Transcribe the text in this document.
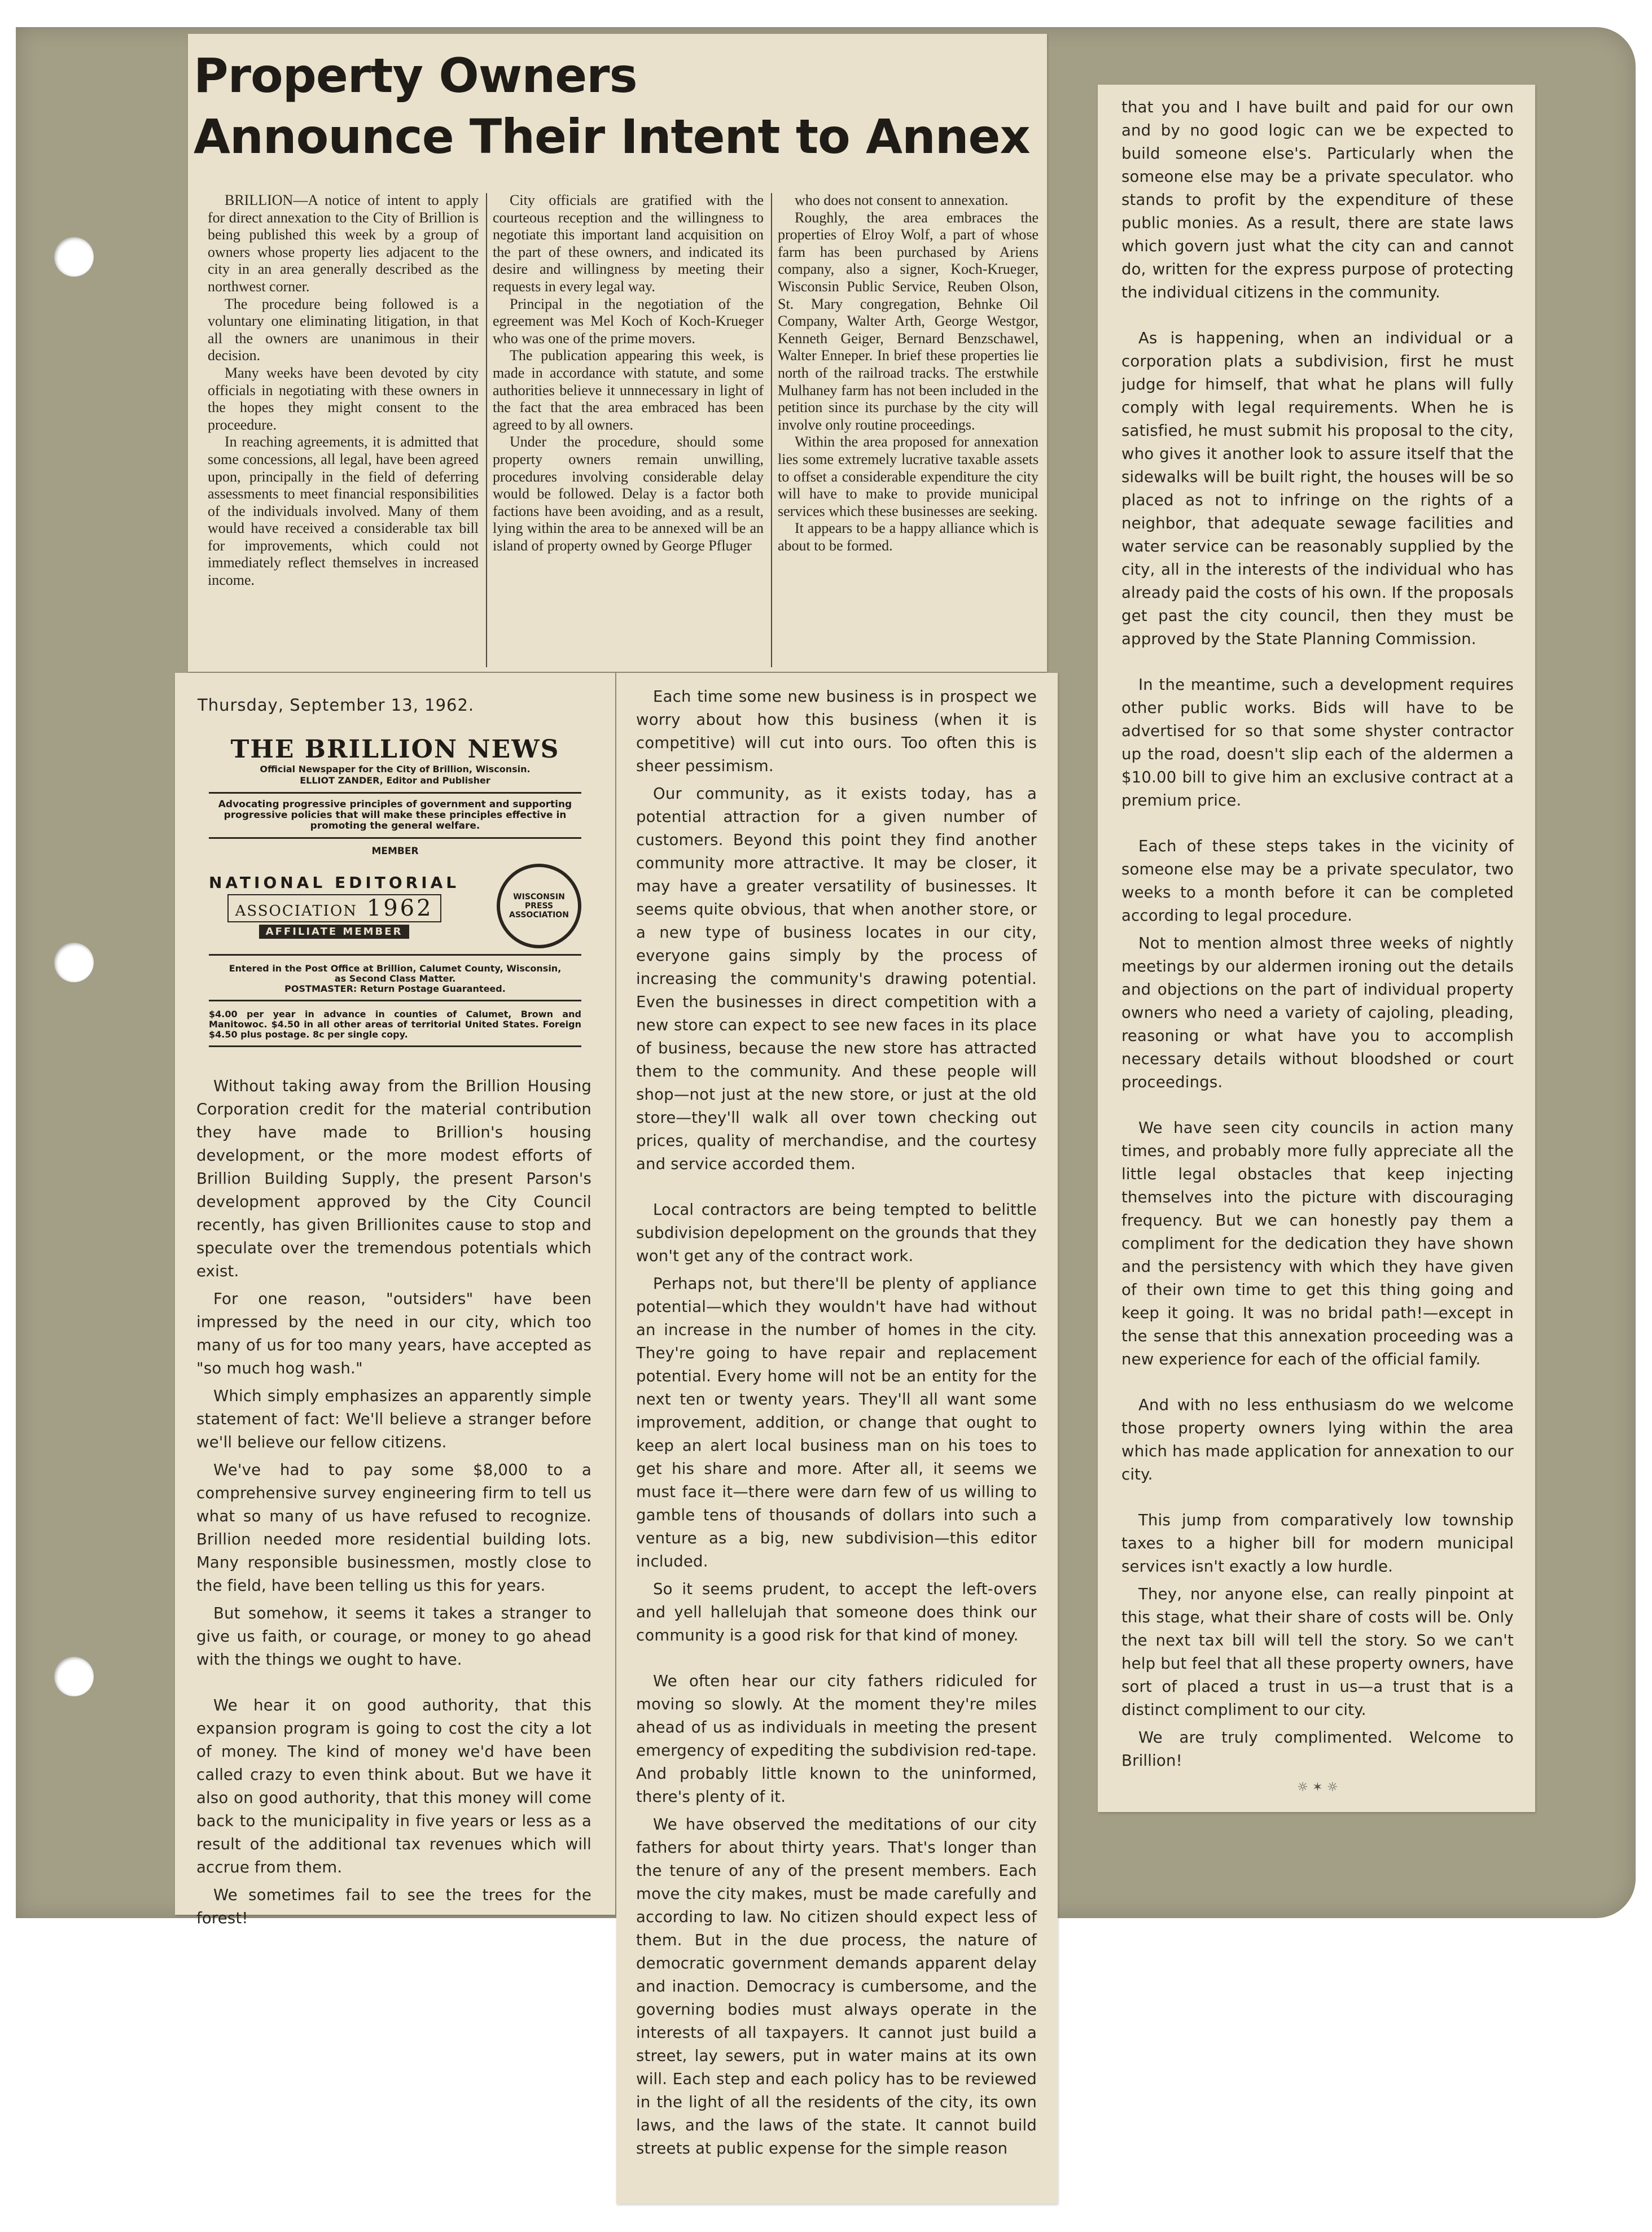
Property Owners
Announce Their Intent to Annex

BRILLION—A notice of intent to apply for direct annexation to the City of Brillion is being published this week by a group of owners whose property lies adjacent to the city in an area generally described as the northwest corner.

The procedure being followed is a voluntary one eliminating litigation, in that all the owners are unanimous in their decision.

Many weeks have been devoted by city officials in negotiating with these owners in the hopes they might consent to the proceedure.

In reaching agreements, it is admitted that some concessions, all legal, have been agreed upon, principally in the field of deferring assessments to meet financial responsibilities of the individuals involved. Many of them would have received a considerable tax bill for improvements, which could not immediately reflect themselves in increased income.

City officials are gratified with the courteous reception and the willingness to negotiate this important land acquisition on the part of these owners, and indicated its desire and willingness by meeting their requests in every legal way.

Principal in the negotiation of the egreement was Mel Koch of Koch-Krueger who was one of the prime movers.

The publication appearing this week, is made in accordance with statute, and some authorities believe it unnnecessary in light of the fact that the area embraced has been agreed to by all owners.

Under the procedure, should some property owners remain unwilling, procedures involving considerable delay would be followed. Delay is a factor both factions have been avoiding, and as a result, lying within the area to be annexed will be an island of property owned by George Pfluger

who does not consent to annexation.

Roughly, the area embraces the properties of Elroy Wolf, a part of whose farm has been purchased by Ariens company, also a signer, Koch-Krueger, Wisconsin Public Service, Reuben Olson, St. Mary congregation, Behnke Oil Company, Walter Arth, George Westgor, Kenneth Geiger, Bernard Benzschawel, Walter Enneper. In brief these properties lie north of the railroad tracks. The erstwhile Mulhaney farm has not been included in the petition since its purchase by the city will involve only routine proceedings.

Within the area proposed for annexation lies some extremely lucrative taxable assets to offset a considerable expenditure the city will have to make to provide municipal services which these businesses are seeking.

It appears to be a happy alliance which is about to be formed.

Thursday, September 13, 1962.
THE BRILLION NEWS
Official Newspaper for the City of Brillion, Wisconsin.
ELLIOT ZANDER, Editor and Publisher
Advocating progressive principles of government and supporting progressive policies that will make these principles effective in promoting the general welfare.
MEMBER
NATIONAL EDITORIAL
ASSOCIATION 1962
AFFILIATE MEMBER
WISCONSIN PRESS ASSOCIATION
Entered in the Post Office at Brillion, Calumet County, Wisconsin,
as Second Class Matter.
POSTMASTER: Return Postage Guaranteed.
$4.00 per year in advance in counties of Calumet, Brown and Manitowoc. $4.50 in all other areas of territorial United States. Foreign $4.50 plus postage. 8c per single copy.

Without taking away from the Brillion Housing Corporation credit for the material contribution they have made to Brillion's housing development, or the more modest efforts of Brillion Building Supply, the present Parson's development approved by the City Council recently, has given Brillionites cause to stop and speculate over the tremendous potentials which exist.

For one reason, "outsiders" have been impressed by the need in our city, which too many of us for too many years, have accepted as "so much hog wash."

Which simply emphasizes an apparently simple statement of fact: We'll believe a stranger before we'll believe our fellow citizens.

We've had to pay some $8,000 to a comprehensive survey engineering firm to tell us what so many of us have refused to recognize. Brillion needed more residential building lots. Many responsible businessmen, mostly close to the field, have been telling us this for years.

But somehow, it seems it takes a stranger to give us faith, or courage, or money to go ahead with the things we ought to have.

We hear it on good authority, that this expansion program is going to cost the city a lot of money. The kind of money we'd have been called crazy to even think about. But we have it also on good authority, that this money will come back to the municipality in five years or less as a result of the additional tax revenues which will accrue from them.

We sometimes fail to see the trees for the forest!

Each time some new business is in prospect we worry about how this business (when it is competitive) will cut into ours. Too often this is sheer pessimism.

Our community, as it exists today, has a potential attraction for a given number of customers. Beyond this point they find another community more attractive. It may be closer, it may have a greater versatility of businesses. It seems quite obvious, that when another store, or a new type of business locates in our city, everyone gains simply by the process of increasing the community's drawing potential. Even the businesses in direct competition with a new store can expect to see new faces in its place of business, because the new store has attracted them to the community. And these people will shop—not just at the new store, or just at the old store—they'll walk all over town checking out prices, quality of merchandise, and the courtesy and service accorded them.

Local contractors are being tempted to belittle subdivision depelopment on the grounds that they won't get any of the contract work.

Perhaps not, but there'll be plenty of appliance potential—which they wouldn't have had without an increase in the number of homes in the city. They're going to have repair and replacement potential. Every home will not be an entity for the next ten or twenty years. They'll all want some improvement, addition, or change that ought to keep an alert local business man on his toes to get his share and more. After all, it seems we must face it—there were darn few of us willing to gamble tens of thousands of dollars into such a venture as a big, new subdivision—this editor included.

So it seems prudent, to accept the left-overs and yell hallelujah that someone does think our community is a good risk for that kind of money.

We often hear our city fathers ridiculed for moving so slowly. At the moment they're miles ahead of us as individuals in meeting the present emergency of expediting the subdivision red-tape. And probably little known to the uninformed, there's plenty of it.

We have observed the meditations of our city fathers for about thirty years. That's longer than the tenure of any of the present members. Each move the city makes, must be made carefully and according to law. No citizen should expect less of them. But in the due process, the nature of democratic government demands apparent delay and inaction. Democracy is cumbersome, and the governing bodies must always operate in the interests of all taxpayers. It cannot just build a street, lay sewers, put in water mains at its own will. Each step and each policy has to be reviewed in the light of all the residents of the city, its own laws, and the laws of the state. It cannot build streets at public expense for the simple reason

that you and I have built and paid for our own and by no good logic can we be expected to build someone else's. Particularly when the someone else may be a private speculator. who stands to profit by the expenditure of these public monies. As a result, there are state laws which govern just what the city can and cannot do, written for the express purpose of protecting the individual citizens in the community.

As is happening, when an individual or a corporation plats a subdivision, first he must judge for himself, that what he plans will fully comply with legal requirements. When he is satisfied, he must submit his proposal to the city, who gives it another look to assure itself that the sidewalks will be built right, the houses will be so placed as not to infringe on the rights of a neighbor, that adequate sewage facilities and water service can be reasonably supplied by the city, all in the interests of the individual who has already paid the costs of his own. If the proposals get past the city council, then they must be approved by the State Planning Commission.

In the meantime, such a development requires other public works. Bids will have to be advertised for so that some shyster contractor up the road, doesn't slip each of the aldermen a $10.00 bill to give him an exclusive contract at a premium price.

Each of these steps takes in the vicinity of someone else may be a private speculator, two weeks to a month before it can be completed according to legal procedure.

Not to mention almost three weeks of nightly meetings by our aldermen ironing out the details and objections on the part of individual property owners who need a variety of cajoling, pleading, reasoning or what have you to accomplish necessary details without bloodshed or court proceedings.

We have seen city councils in action many times, and probably more fully appreciate all the little legal obstacles that keep injecting themselves into the picture with discouraging frequency. But we can honestly pay them a compliment for the dedication they have shown and the persistency with which they have given of their own time to get this thing going and keep it going. It was no bridal path!—except in the sense that this annexation proceeding was a new experience for each of the official family.

And with no less enthusiasm do we welcome those property owners lying within the area which has made application for annexation to our city.

This jump from comparatively low township taxes to a higher bill for modern municipal services isn't exactly a low hurdle.

They, nor anyone else, can really pinpoint at this stage, what their share of costs will be. Only the next tax bill will tell the story. So we can't help but feel that all these property owners, have sort of placed a trust in us—a trust that is a distinct compliment to our city.

We are truly complimented. Welcome to Brillion!

☼ ✶ ☼
